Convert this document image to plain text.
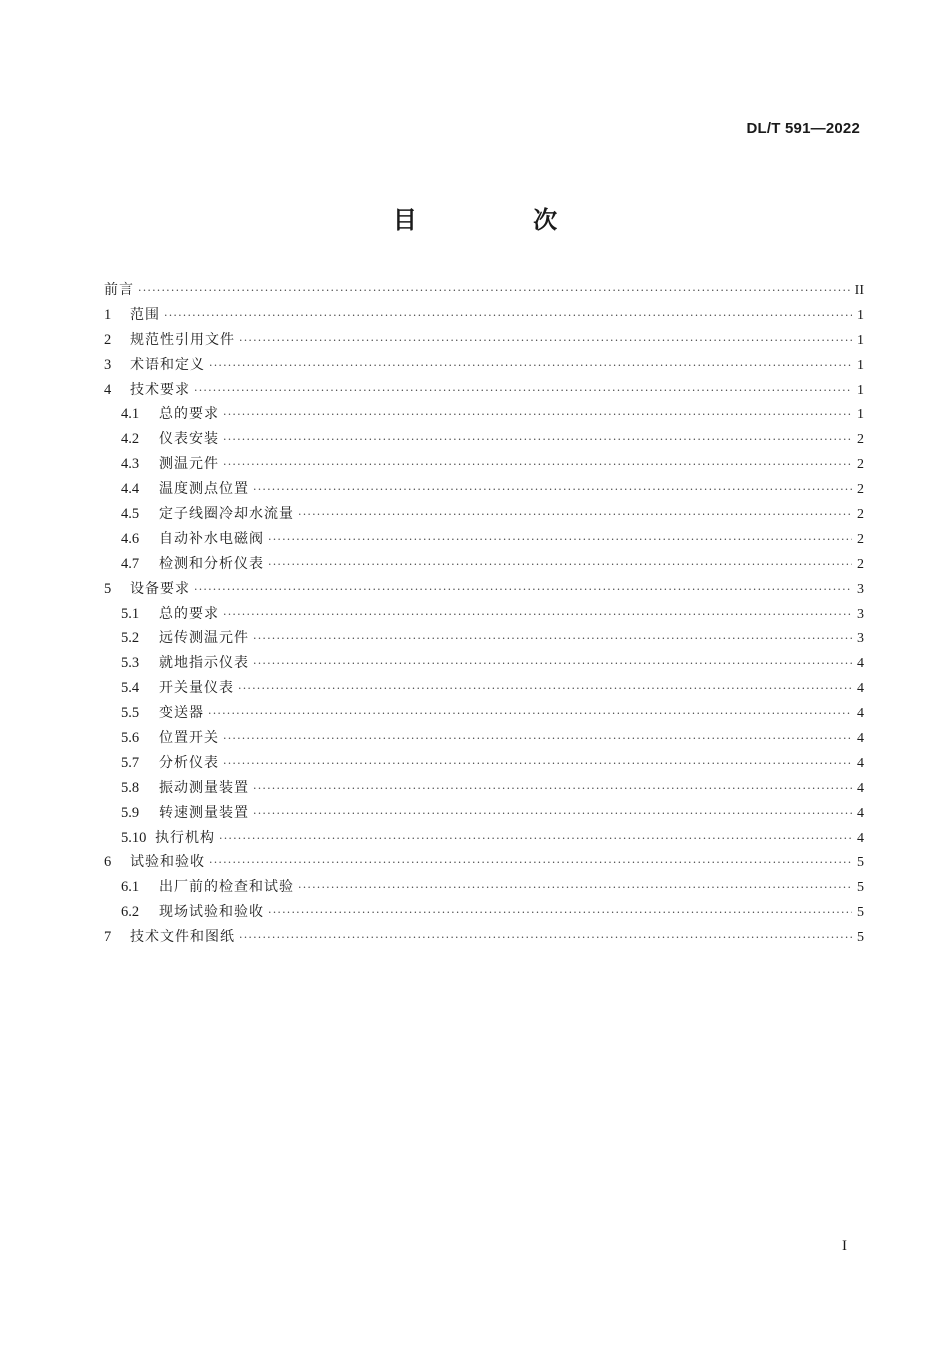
DL/T 591—2022
目 次
前言 ·····	II
1	范围 ·····	1
2	规范性引用文件 ·····	1
3	术语和定义 ·····	1
4	技术要求 ·····	1
4.1	总的要求 ·····	1
4.2	仪表安装 ·····	2
4.3	测温元件 ·····	2
4.4	温度测点位置 ·····	2
4.5	定子线圈冷却水流量 ·····	2
4.6	自动补水电磁阀 ·····	2
4.7	检测和分析仪表 ·····	2
5	设备要求 ·····	3
5.1	总的要求 ·····	3
5.2	远传测温元件 ·····	3
5.3	就地指示仪表 ·····	4
5.4	开关量仪表 ·····	4
5.5	变送器 ·····	4
5.6	位置开关 ·····	4
5.7	分析仪表 ·····	4
5.8	振动测量装置 ·····	4
5.9	转速测量装置 ·····	4
5.10 执行机构 ·····	4
6	试验和验收 ·····	5
6.1	出厂前的检查和试验 ·····	5
6.2	现场试验和验收 ·····	5
7	技术文件和图纸 ·····	5
I
